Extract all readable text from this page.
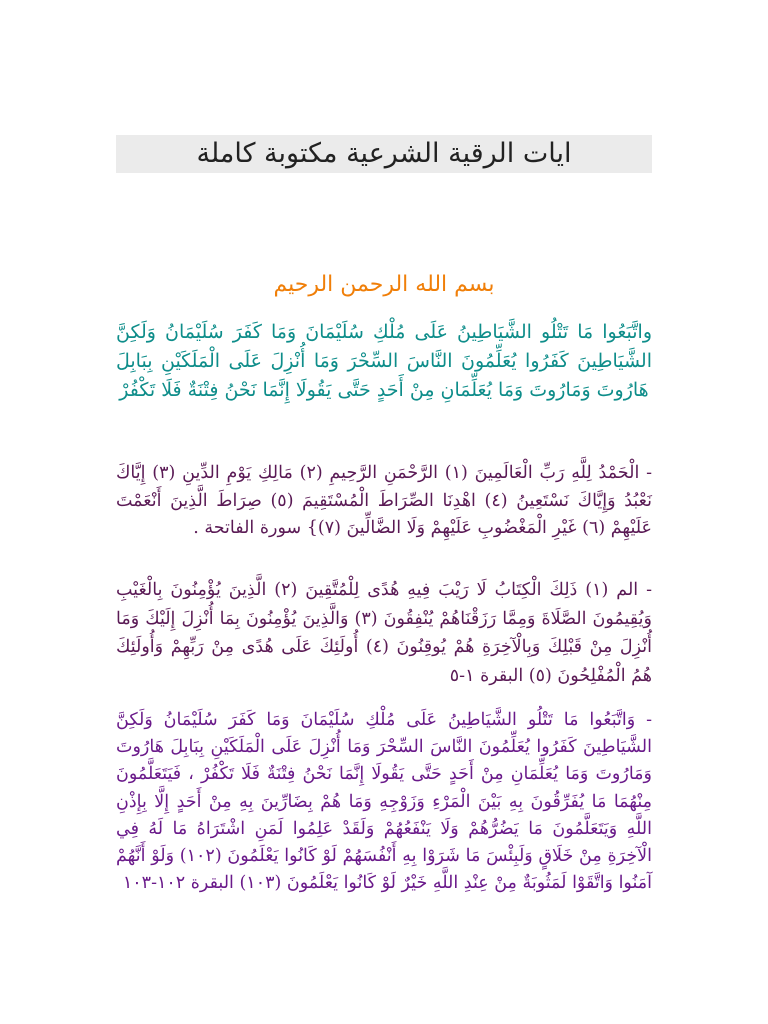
ايات الرقية الشرعية مكتوبة كاملة
بسم الله الرحمن الرحيم
واتَّبَعُوا مَا تَتْلُو الشَّيَاطِينُ عَلَى مُلْكِ سُلَيْمَانَ وَمَا كَفَرَ سُلَيْمَانُ وَلَكِنَّ الشَّيَاطِينَ كَفَرُوا يُعَلِّمُونَ النَّاسَ السِّحْرَ وَمَا أُنْزِلَ عَلَى الْمَلَكَيْنِ بِبَابِلَ هَارُوتَ وَمَارُوتَ وَمَا يُعَلِّمَانِ مِنْ أَحَدٍ حَتَّى يَقُولَا إِنَّمَا نَحْنُ فِتْنَةٌ فَلَا تَكْفُرْ
- الْحَمْدُ لِلَّهِ رَبِّ الْعَالَمِينَ (١) الرَّحْمَنِ الرَّحِيمِ (٢) مَالِكِ يَوْمِ الدِّينِ (٣) إِيَّاكَ نَعْبُدُ وَإِيَّاكَ نَسْتَعِينُ (٤) اهْدِنَا الصِّرَاطَ الْمُسْتَقِيمَ (٥) صِرَاطَ الَّذِينَ أَنْعَمْتَ عَلَيْهِمْ (٦) غَيْرِ الْمَغْضُوبِ عَلَيْهِمْ وَلَا الضَّالِّينَ (٧)} سورة الفاتحة .
- الم (١) ذَلِكَ الْكِتَابُ لَا رَيْبَ فِيهِ هُدًى لِلْمُتَّقِينَ (٢) الَّذِينَ يُؤْمِنُونَ بِالْغَيْبِ وَيُقِيمُونَ الصَّلَاةَ وَمِمَّا رَزَقْنَاهُمْ يُنْفِقُونَ (٣) وَالَّذِينَ يُؤْمِنُونَ بِمَا أُنْزِلَ إِلَيْكَ وَمَا أُنْزِلَ مِنْ قَبْلِكَ وَبِالْآخِرَةِ هُمْ يُوقِنُونَ (٤) أُولَئِكَ عَلَى هُدًى مِنْ رَبِّهِمْ وَأُولَئِكَ هُمُ الْمُفْلِحُونَ (٥) البقرة ١-٥
- وَاتَّبَعُوا مَا تَتْلُو الشَّيَاطِينُ عَلَى مُلْكِ سُلَيْمَانَ وَمَا كَفَرَ سُلَيْمَانُ وَلَكِنَّ الشَّيَاطِينَ كَفَرُوا يُعَلِّمُونَ النَّاسَ السِّحْرَ وَمَا أُنْزِلَ عَلَى الْمَلَكَيْنِ بِبَابِلَ هَارُوتَ وَمَارُوتَ وَمَا يُعَلِّمَانِ مِنْ أَحَدٍ حَتَّى يَقُولَا إِنَّمَا نَحْنُ فِتْنَةٌ فَلَا تَكْفُرْ ، فَيَتَعَلَّمُونَ مِنْهُمَا مَا يُفَرِّقُونَ بِهِ بَيْنَ الْمَرْءِ وَزَوْجِهِ وَمَا هُمْ بِضَارِّينَ بِهِ مِنْ أَحَدٍ إِلَّا بِإِذْنِ اللَّهِ وَيَتَعَلَّمُونَ مَا يَضُرُّهُمْ وَلَا يَنْفَعُهُمْ وَلَقَدْ عَلِمُوا لَمَنِ اشْتَرَاهُ مَا لَهُ فِي الْآخِرَةِ مِنْ خَلَاقٍ وَلَبِئْسَ مَا شَرَوْا بِهِ أَنْفُسَهُمْ لَوْ كَانُوا يَعْلَمُونَ (١٠٢) وَلَوْ أَنَّهُمْ آمَنُوا وَاتَّقَوْا لَمَثُوبَةٌ مِنْ عِنْدِ اللَّهِ خَيْرٌ لَوْ كَانُوا يَعْلَمُونَ (١٠٣) البقرة ١٠٢-١٠٣
